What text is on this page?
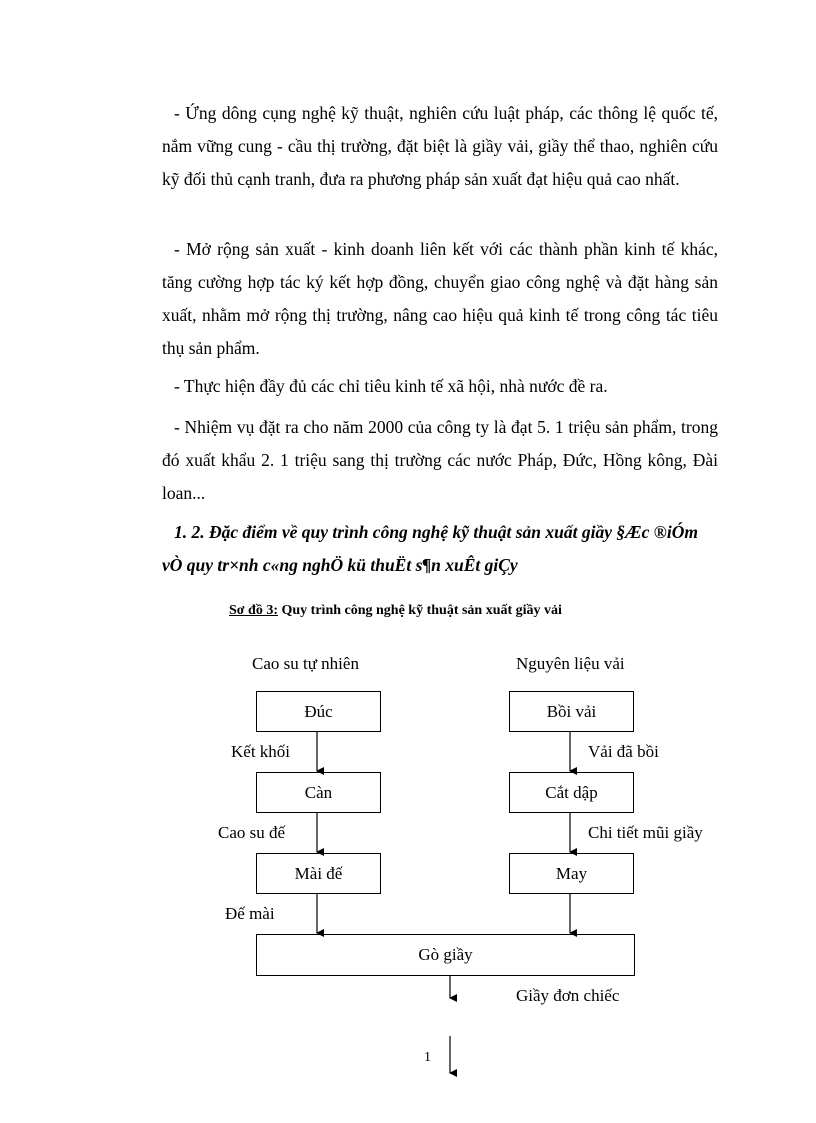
- Ứng dông cụng nghệ kỹ thuật, nghiên cứu luật pháp, các thông lệ quốc tế, nắm vững cung - cầu thị trường, đặt biệt là giầy vải, giầy thể thao, nghiên cứu kỹ đối thủ cạnh tranh, đưa ra phương pháp sản xuất đạt hiệu quả cao nhất.

- Mở rộng sản xuất - kinh doanh liên kết với các thành phần kinh tế khác, tăng cường hợp tác ký kết hợp đồng, chuyển giao công nghệ và đặt hàng sản xuất, nhằm mở rộng thị trường, nâng cao hiệu quả kinh tế trong công tác tiêu thụ sản phẩm.

- Thực hiện đầy đủ các chỉ tiêu kinh tế xã hội, nhà nước đề ra.

- Nhiệm vụ đặt ra cho năm 2000 của công ty là đạt 5. 1 triệu sản phẩm, trong đó xuất khẩu 2. 1 triệu sang thị trường các nước Pháp, Đức, Hồng kông, Đài loan...

1. 2. Đặc điểm về quy trình công nghệ kỹ thuật sản xuất giầy §Æc ®iÓm vÒ quy tr×nh c«ng nghÖ kü thuËt s¶n xuÊt giÇy

Sơ đồ 3: Quy trình công nghệ kỹ thuật sản xuất giầy vải
Cao su tự nhiên	Nguyên liệu vải
Đúc
Càn
Mài đế
Bồi vải
Cắt dập
May
Kết khối
Cao su đế
Đế mài
Vải đã bồi
Chi tiết mũi giầy
Gò giầy
Giầy đơn chiếc
1
